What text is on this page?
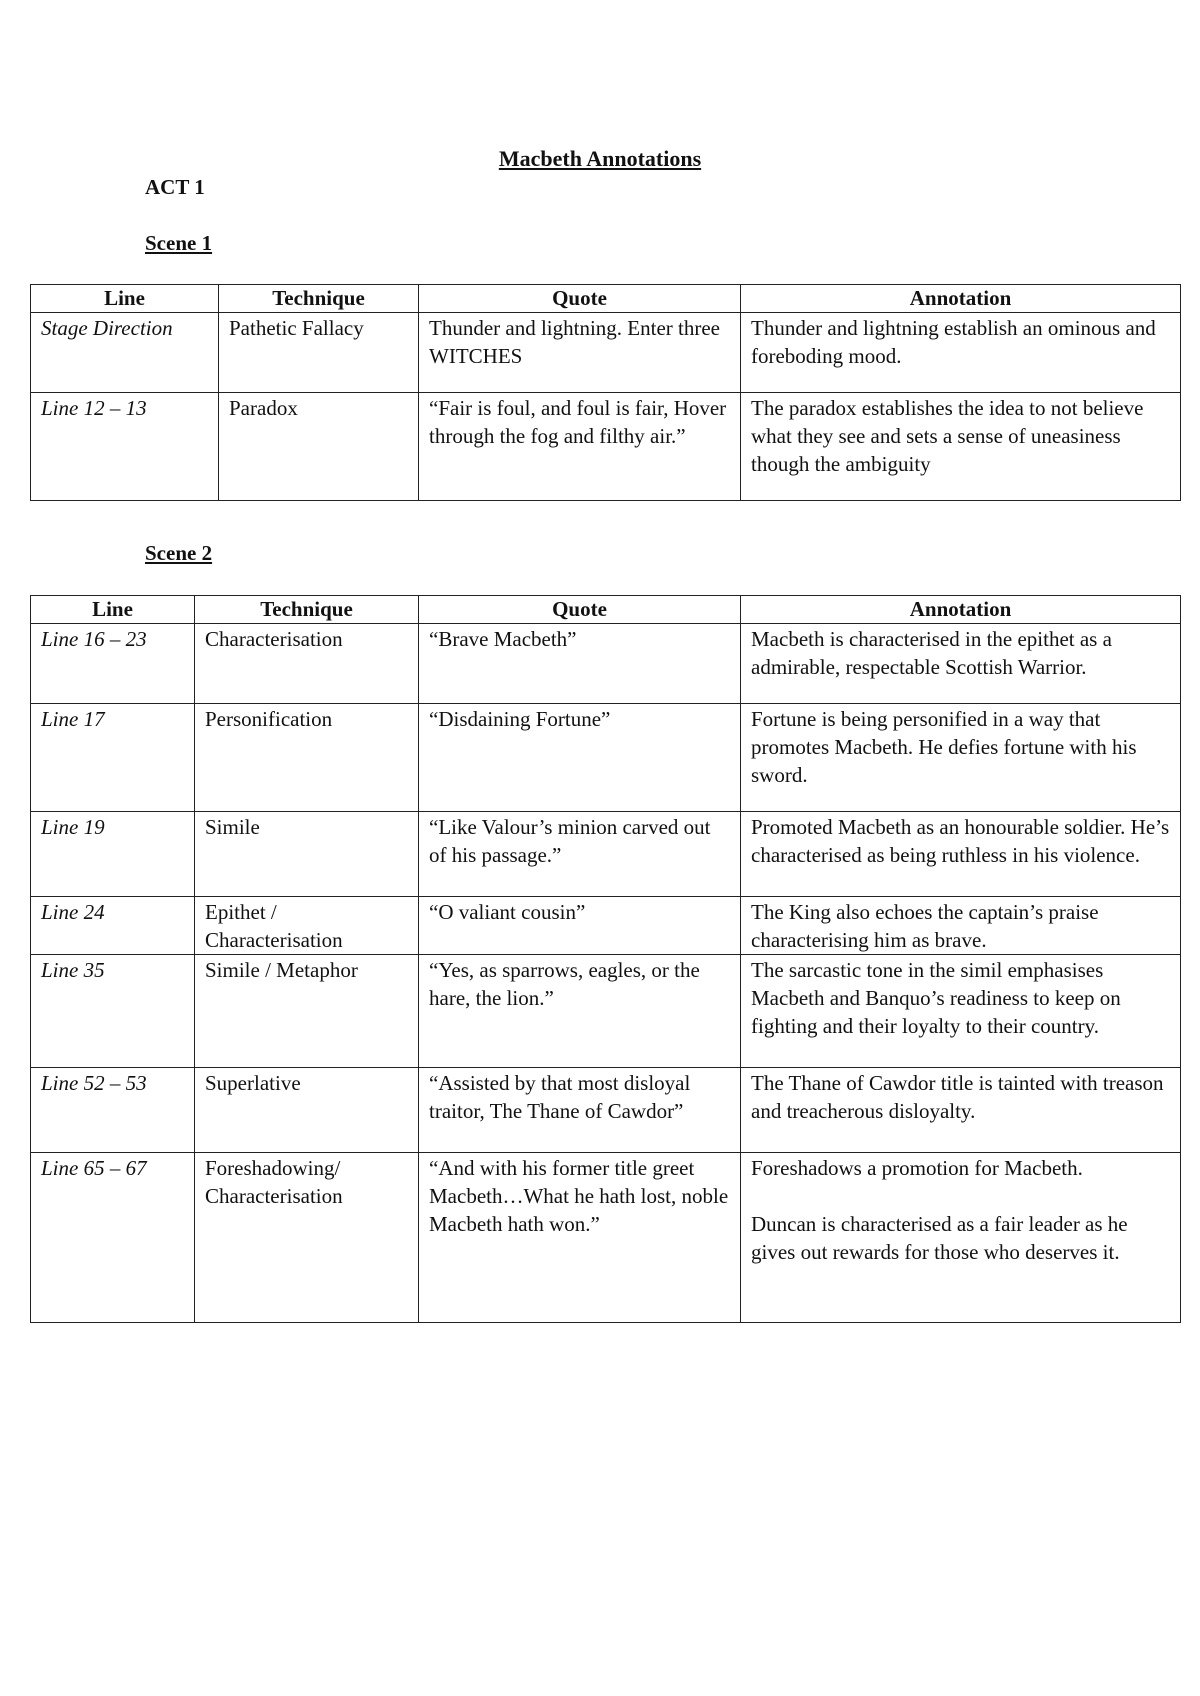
Macbeth Annotations
ACT 1
Scene 1
Line	Technique	Quote	Annotation
Stage Direction	Pathetic Fallacy	Thunder and lightning. Enter three WITCHES	Thunder and lightning establish an ominous and foreboding mood.
Line 12 – 13	Paradox	“Fair is foul, and foul is fair, Hover through the fog and filthy air.”	The paradox establishes the idea to not believe what they see and sets a sense of uneasiness though the ambiguity
Scene 2
Line	Technique	Quote	Annotation
Line 16 – 23	Characterisation	“Brave Macbeth”	Macbeth is characterised in the epithet as a admirable, respectable Scottish Warrior.
Line 17	Personification	“Disdaining Fortune”	Fortune is being personified in a way that promotes Macbeth. He defies fortune with his sword.
Line 19	Simile	“Like Valour’s minion carved out of his passage.”	Promoted Macbeth as an honourable soldier. He’s characterised as being ruthless in his violence.
Line 24	Epithet / Characterisation	“O valiant cousin”	The King also echoes the captain’s praise characterising him as brave.
Line 35	Simile / Metaphor	“Yes, as sparrows, eagles, or the hare, the lion.”	The sarcastic tone in the simil emphasises Macbeth and Banquo’s readiness to keep on fighting and their loyalty to their country.
Line 52 – 53	Superlative	“Assisted by that most disloyal traitor, The Thane of Cawdor”	The Thane of Cawdor title is tainted with treason and treacherous disloyalty.
Line 65 – 67	Foreshadowing/ Characterisation	“And with his former title greet Macbeth…What he hath lost, noble Macbeth hath won.”	Foreshadows a promotion for Macbeth.
Duncan is characterised as a fair leader as he gives out rewards for those who deserves it.
